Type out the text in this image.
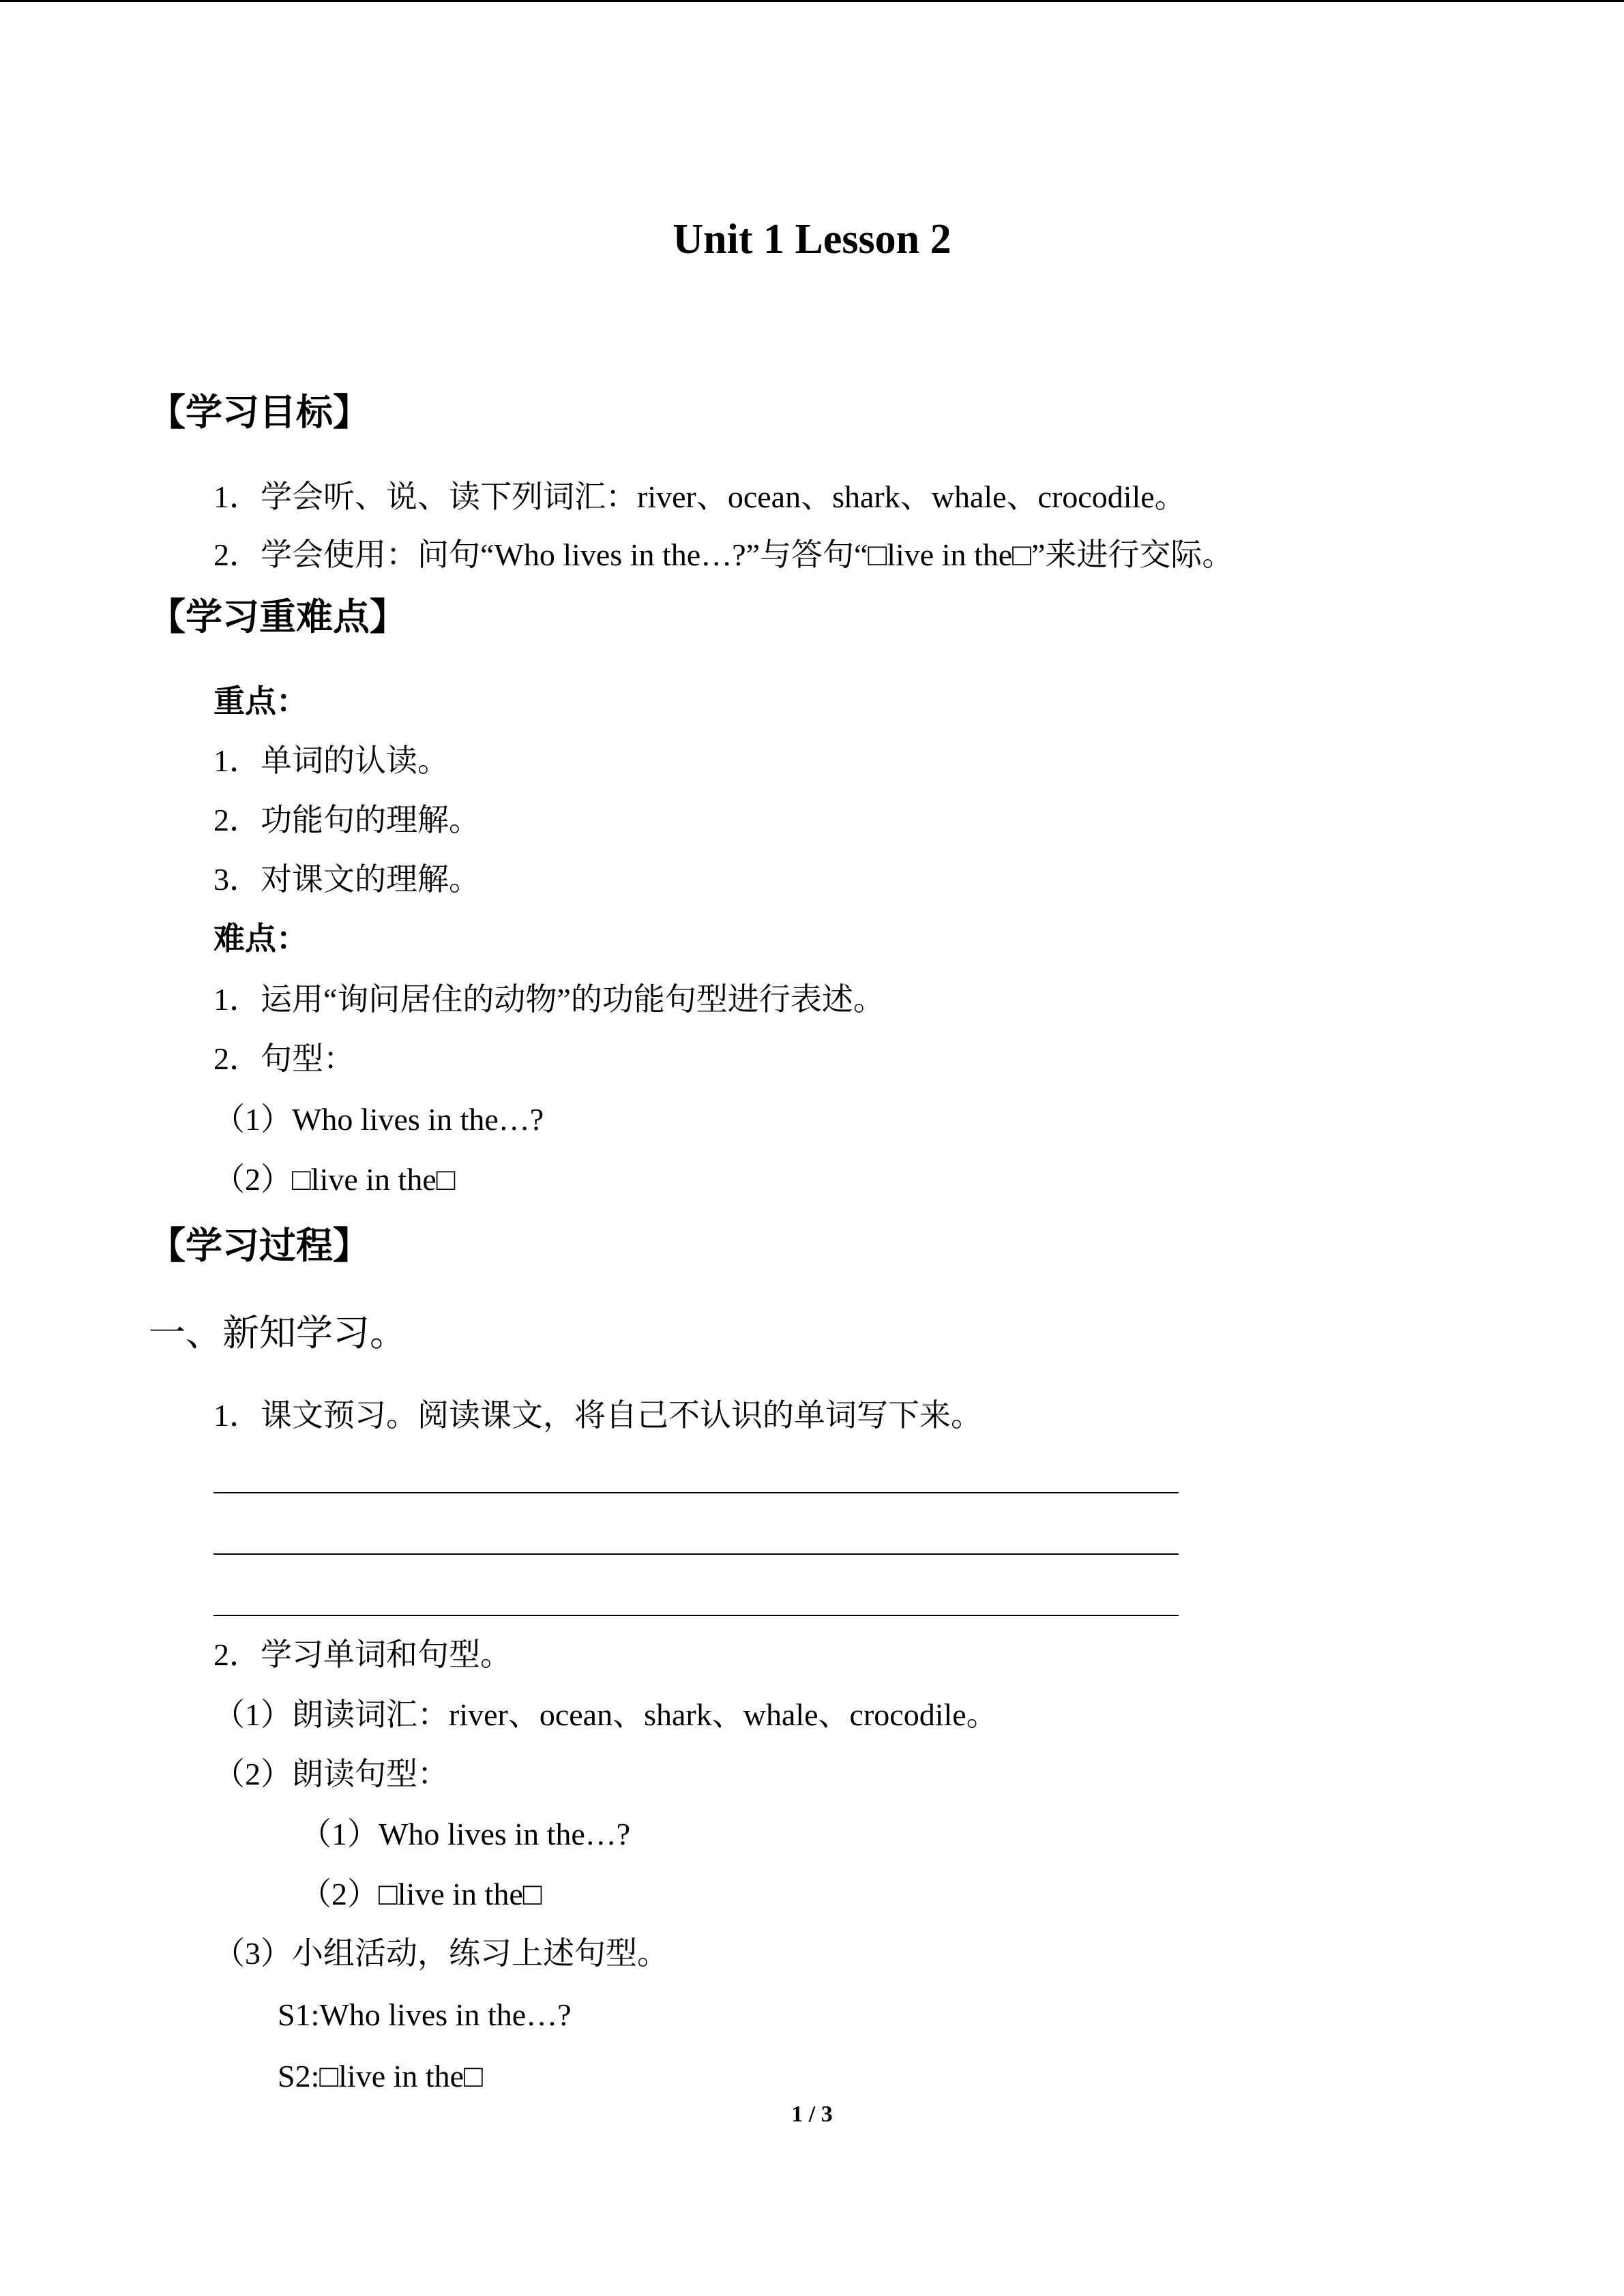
Unit 1 Lesson 2
【学习目标】
1．学会听、说、读下列词汇：river、ocean、shark、whale、crocodile。
2．学会使用：问句“Who lives in the…?”与答句“□live in the□”来进行交际。
【学习重难点】
重点：
1．单词的认读。
2．功能句的理解。
3．对课文的理解。
难点：
1．运用“询问居住的动物”的功能句型进行表述。
2．句型：
（1）Who lives in the…?
（2）□live in the□
【学习过程】
一、新知学习。
1．课文预习。阅读课文，将自己不认识的单词写下来。
2．学习单词和句型。
（1）朗读词汇：river、ocean、shark、whale、crocodile。
（2）朗读句型：
（1）Who lives in the…?
（2）□live in the□
（3）小组活动，练习上述句型。
S1:Who lives in the…?
S2:□live in the□
1 / 3
